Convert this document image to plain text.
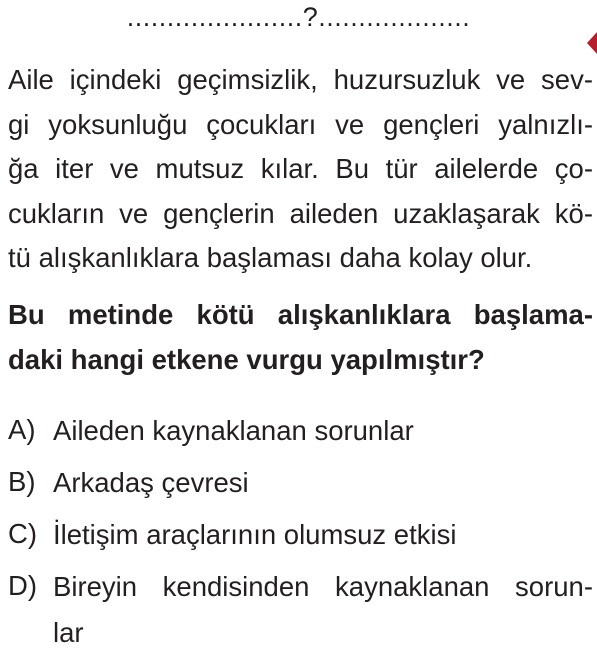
......................?...................
Aile içindeki geçimsizlik, huzursuzluk ve sev-
gi yoksunluğu çocukları ve gençleri yalnızlı-
ğa iter ve mutsuz kılar. Bu tür ailelerde ço-
cukların ve gençlerin aileden uzaklaşarak kö-
tü alışkanlıklara başlaması daha kolay olur.
Bu metinde kötü alışkanlıklara başlama-
daki hangi etkene vurgu yapılmıştır?
A) Aileden kaynaklanan sorunlar
B) Arkadaş çevresi
C) İletişim araçlarının olumsuz etkisi
D) Bireyin kendisinden kaynaklanan sorun-
lar
